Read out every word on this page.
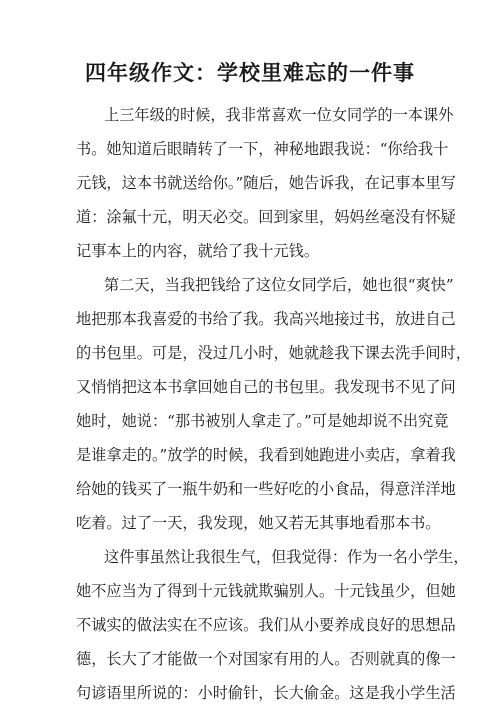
四年级作文：学校里难忘的一件事
上三年级的时候，我非常喜欢一位女同学的一本课外
书。她知道后眼睛转了一下，神秘地跟我说：“你给我十
元钱，这本书就送给你。”随后，她告诉我，在记事本里写
道：涂氟十元，明天必交。回到家里，妈妈丝毫没有怀疑
记事本上的内容，就给了我十元钱。
第二天，当我把钱给了这位女同学后，她也很“爽快”
地把那本我喜爱的书给了我。我高兴地接过书，放进自己
的书包里。可是，没过几小时，她就趁我下课去洗手间时，
又悄悄把这本书拿回她自己的书包里。我发现书不见了问
她时，她说：“那书被别人拿走了。”可是她却说不出究竟
是谁拿走的。”放学的时候，我看到她跑进小卖店，拿着我
给她的钱买了一瓶牛奶和一些好吃的小食品，得意洋洋地
吃着。过了一天，我发现，她又若无其事地看那本书。
这件事虽然让我很生气，但我觉得：作为一名小学生，
她不应当为了得到十元钱就欺骗别人。十元钱虽少，但她
不诚实的做法实在不应该。我们从小要养成良好的思想品
德，长大了才能做一个对国家有用的人。否则就真的像一
句谚语里所说的：小时偷针，长大偷金。这是我小学生活
